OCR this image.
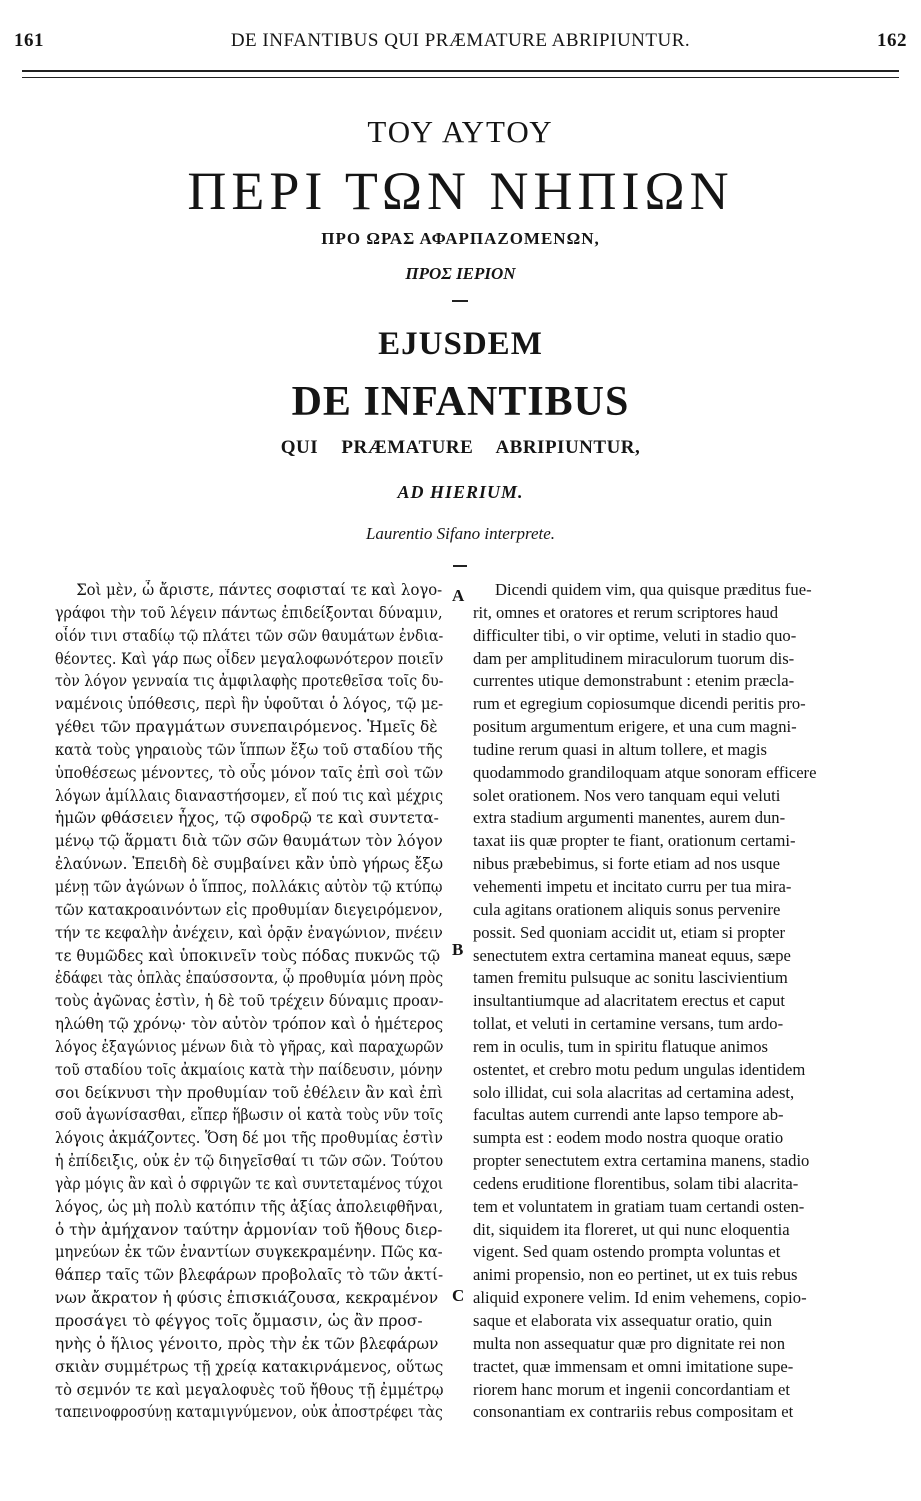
161	DE INFANTIBUS QUI PRÆMATURE ABRIPIUNTUR.	162
ΤΟΥ ΑΥΤΟΥ
ΠΕΡΙ ΤΩΝ ΝΗΠΙΩΝ
ΠΡΟ ΩΡΑΣ ΑΦΑΡΠΑΖΟΜΕΝΩΝ,
ΠΡΟΣ ΙΕΡΙΟΝ
EJUSDEM
DE INFANTIBUS
QUI PRÆMATURE ABRIPIUNTUR,
AD HIERIUM.
Laurentio Sifano interprete.
A
B
C
Σοὶ μὲν, ὦ ἄριστε, πάντες σοφισταί τε καὶ λογο-
γράφοι τὴν τοῦ λέγειν πάντως ἐπιδείξονται δύναμιν,
οἷόν τινι σταδίῳ τῷ πλάτει τῶν σῶν θαυμάτων ἐνδια-
θέοντες. Καὶ γάρ πως οἶδεν μεγαλοφωνότερον ποιεῖν
τὸν λόγον γενναία τις ἀμφιλαφὴς προτεθεῖσα τοῖς δυ-
ναμένοις ὑπόθεσις, περὶ ἣν ὑφοῦται ὁ λόγος, τῷ με-
γέθει τῶν πραγμάτων συνεπαιρόμενος. Ἡμεῖς δὲ
κατὰ τοὺς γηραιοὺς τῶν ἵππων ἔξω τοῦ σταδίου τῆς
ὑποθέσεως μένοντες, τὸ οὖς μόνον ταῖς ἐπὶ σοὶ τῶν
λόγων ἁμίλλαις διαναστήσομεν, εἴ πού τις καὶ μέχρις
ἡμῶν φθάσειεν ἦχος, τῷ σφοδρῷ τε καὶ συντετα-
μένῳ τῷ ἅρματι διὰ τῶν σῶν θαυμάτων τὸν λόγον
ἐλαύνων. Ἐπειδὴ δὲ συμβαίνει κἂν ὑπὸ γήρως ἔξω
μένῃ τῶν ἀγώνων ὁ ἵππος, πολλάκις αὐτὸν τῷ κτύπῳ
τῶν κατακροαινόντων εἰς προθυμίαν διεγειρόμενον,
τήν τε κεφαλὴν ἀνέχειν, καὶ ὁρᾷν ἐναγώνιον, πνέειν
τε θυμῶδες καὶ ὑποκινεῖν τοὺς πόδας πυκνῶς τῷ
ἐδάφει τὰς ὁπλὰς ἐπαύσσοντα, ᾧ προθυμία μόνη πρὸς
τοὺς ἀγῶνας ἐστὶν, ἡ δὲ τοῦ τρέχειν δύναμις προαν-
ηλώθη τῷ χρόνῳ· τὸν αὐτὸν τρόπον καὶ ὁ ἡμέτερος
λόγος ἐξαγώνιος μένων διὰ τὸ γῆρας, καὶ παραχωρῶν
τοῦ σταδίου τοῖς ἀκμαίοις κατὰ τὴν παίδευσιν, μόνην
σοι δείκνυσι τὴν προθυμίαν τοῦ ἐθέλειν ἂν καὶ ἐπὶ
σοῦ ἀγωνίσασθαι, εἴπερ ἥβωσιν οἱ κατὰ τοὺς νῦν τοῖς
λόγοις ἀκμάζοντες. Ὅση δέ μοι τῆς προθυμίας ἐστὶν
ἡ ἐπίδειξις, οὐκ ἐν τῷ διηγεῖσθαί τι τῶν σῶν. Τούτου
γὰρ μόγις ἂν καὶ ὁ σφριγῶν τε καὶ συντεταμένος τύχοι
λόγος, ὡς μὴ πολὺ κατόπιν τῆς ἀξίας ἀπολειφθῆναι,
ὁ τὴν ἀμήχανον ταύτην ἁρμονίαν τοῦ ἤθους διερ-
μηνεύων ἐκ τῶν ἐναντίων συγκεκραμένην. Πῶς κα-
θάπερ ταῖς τῶν βλεφάρων προβολαῖς τὸ τῶν ἀκτί-
νων ἄκρατον ἡ φύσις ἐπισκιάζουσα, κεκραμένον
προσάγει τὸ φέγγος τοῖς ὄμμασιν, ὡς ἂν προσ-
ηνὴς ὁ ἥλιος γένοιτο, πρὸς τὴν ἐκ τῶν βλεφάρων
σκιὰν συμμέτρως τῇ χρείᾳ κατακιρνάμενος, οὕτως
τὸ σεμνόν τε καὶ μεγαλοφυὲς τοῦ ἤθους τῇ ἐμμέτρῳ
ταπεινοφροσύνῃ καταμιγνύμενον, οὐκ ἀποστρέφει τὰς
Dicendi quidem vim, qua quisque præditus fue-
rit, omnes et oratores et rerum scriptores haud
difficulter tibi, o vir optime, veluti in stadio quo-
dam per amplitudinem miraculorum tuorum dis-
currentes utique demonstrabunt : etenim præcla-
rum et egregium copiosumque dicendi peritis pro-
positum argumentum erigere, et una cum magni-
tudine rerum quasi in altum tollere, et magis
quodammodo grandiloquam atque sonoram efficere
solet orationem. Nos vero tanquam equi veluti
extra stadium argumenti manentes, aurem dun-
taxat iis quæ propter te fiant, orationum certami-
nibus præbebimus, si forte etiam ad nos usque
vehementi impetu et incitato curru per tua mira-
cula agitans orationem aliquis sonus pervenire
possit. Sed quoniam accidit ut, etiam si propter
senectutem extra certamina maneat equus, sæpe
tamen fremitu pulsuque ac sonitu lascivientium
insultantiumque ad alacritatem erectus et caput
tollat, et veluti in certamine versans, tum ardo-
rem in oculis, tum in spiritu flatuque animos
ostentet, et crebro motu pedum ungulas identidem
solo illidat, cui sola alacritas ad certamina adest,
facultas autem currendi ante lapso tempore ab-
sumpta est : eodem modo nostra quoque oratio
propter senectutem extra certamina manens, stadio
cedens eruditione florentibus, solam tibi alacrita-
tem et voluntatem in gratiam tuam certandi osten-
dit, siquidem ita floreret, ut qui nunc eloquentia
vigent. Sed quam ostendo prompta voluntas et
animi propensio, non eo pertinet, ut ex tuis rebus
aliquid exponere velim. Id enim vehemens, copio-
saque et elaborata vix assequatur oratio, quin
multa non assequatur quæ pro dignitate rei non
tractet, quæ immensam et omni imitatione supe-
riorem hanc morum et ingenii concordantiam et
consonantiam ex contrariis rebus compositam et
